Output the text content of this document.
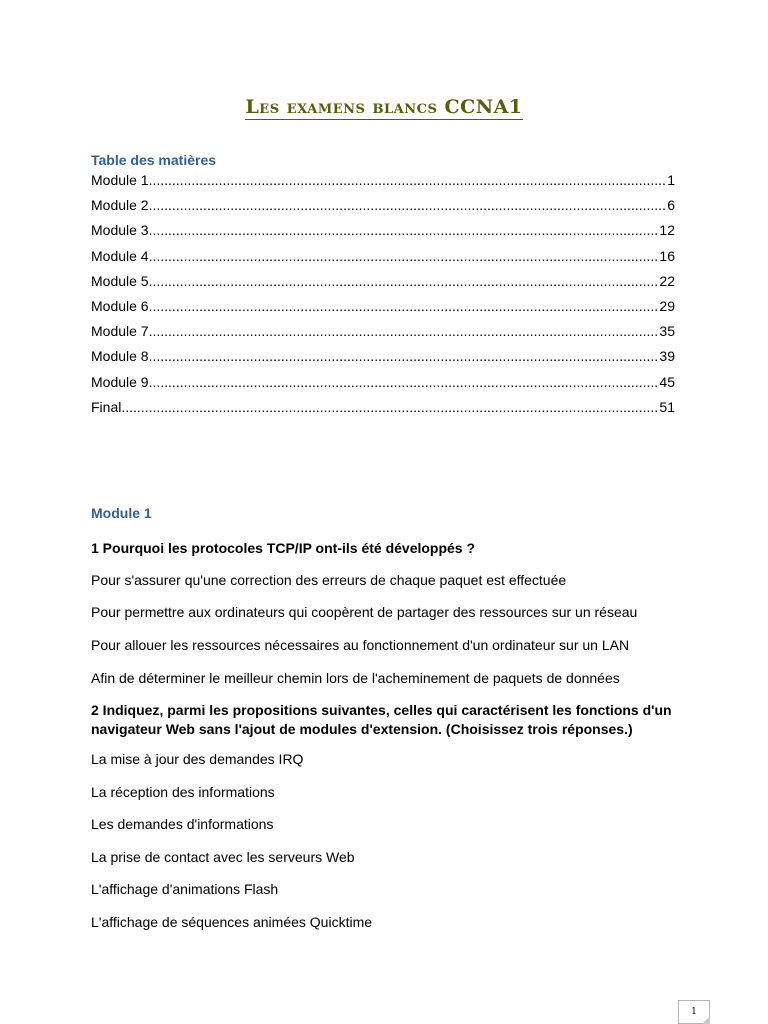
Les examens blancs CCNA1
Table des matières
Module 1 .....	1
Module 2 .....	6
Module 3 .....	12
Module 4 .....	16
Module 5 .....	22
Module 6 .....	29
Module 7 .....	35
Module 8 .....	39
Module 9 .....	45
Final .....	51
Module 1
1 Pourquoi les protocoles TCP/IP ont-ils été développés ?
Pour s'assurer qu'une correction des erreurs de chaque paquet est effectuée
Pour permettre aux ordinateurs qui coopèrent de partager des ressources sur un réseau
Pour allouer les ressources nécessaires au fonctionnement d'un ordinateur sur un LAN
Afin de déterminer le meilleur chemin lors de l'acheminement de paquets de données
2 Indiquez, parmi les propositions suivantes, celles qui caractérisent les fonctions d'un navigateur Web sans l'ajout de modules d'extension. (Choisissez trois réponses.)
La mise à jour des demandes IRQ
La réception des informations
Les demandes d'informations
La prise de contact avec les serveurs Web
L'affichage d'animations Flash
L'affichage de séquences animées Quicktime
1
